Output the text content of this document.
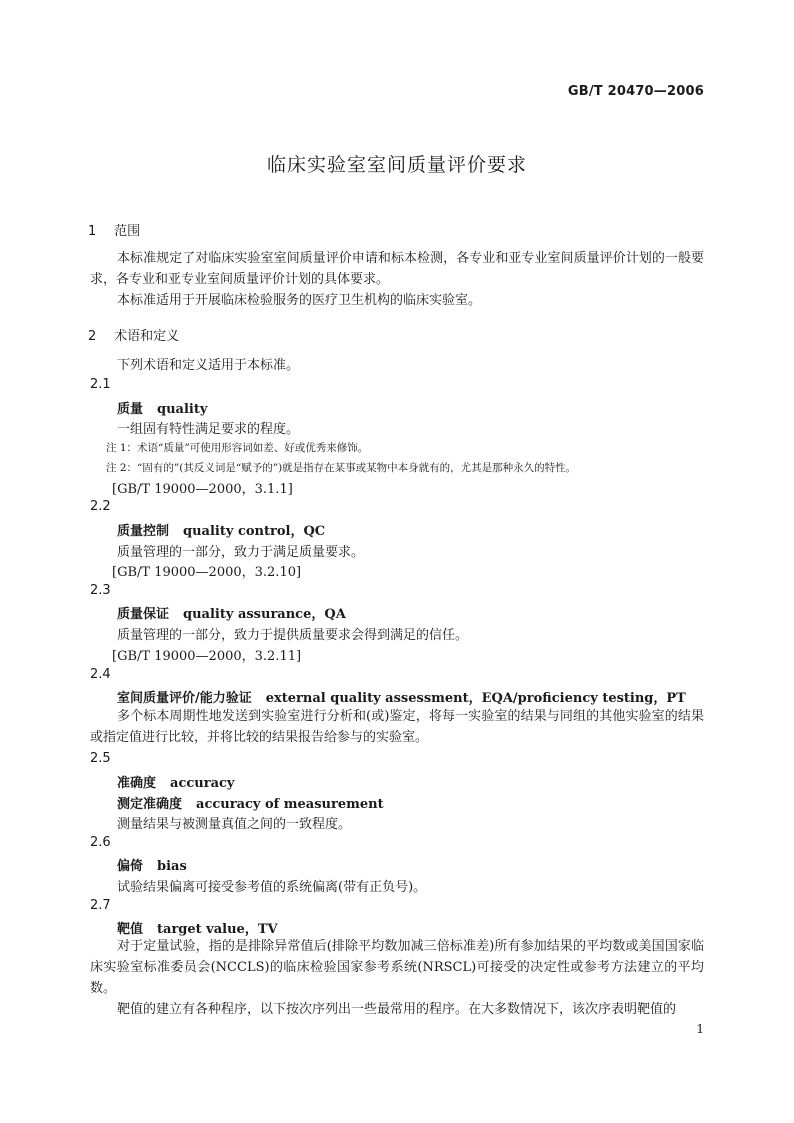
GB/T 20470—2006
临床实验室室间质量评价要求
1 范围
本标准规定了对临床实验室室间质量评价申请和标本检测，各专业和亚专业室间质量评价计划的一般要求，各专业和亚专业室间质量评价计划的具体要求。
本标准适用于开展临床检验服务的医疗卫生机构的临床实验室。
2 术语和定义
下列术语和定义适用于本标准。
2.1
质量 quality
一组固有特性满足要求的程度。
注 1：术语“质量”可使用形容词如差、好或优秀来修饰。
注 2：“固有的”(其反义词是“赋予的”)就是指存在某事或某物中本身就有的，尤其是那种永久的特性。
[GB/T 19000—2000，3.1.1]
2.2
质量控制 quality control，QC
质量管理的一部分，致力于满足质量要求。
[GB/T 19000—2000，3.2.10]
2.3
质量保证 quality assurance，QA
质量管理的一部分，致力于提供质量要求会得到满足的信任。
[GB/T 19000—2000，3.2.11]
2.4
室间质量评价/能力验证 external quality assessment，EQA/proficiency testing，PT
多个标本周期性地发送到实验室进行分析和(或)鉴定，将每一实验室的结果与同组的其他实验室的结果或指定值进行比较，并将比较的结果报告给参与的实验室。
2.5
准确度 accuracy
测定准确度 accuracy of measurement
测量结果与被测量真值之间的一致程度。
2.6
偏倚 bias
试验结果偏离可接受参考值的系统偏离(带有正负号)。
2.7
靶值 target value，TV
对于定量试验，指的是排除异常值后(排除平均数加减三倍标准差)所有参加结果的平均数或美国国家临床实验室标准委员会(NCCLS)的临床检验国家参考系统(NRSCL)可接受的决定性或参考方法建立的平均数。
靶值的建立有各种程序，以下按次序列出一些最常用的程序。在大多数情况下，该次序表明靶值的
1
